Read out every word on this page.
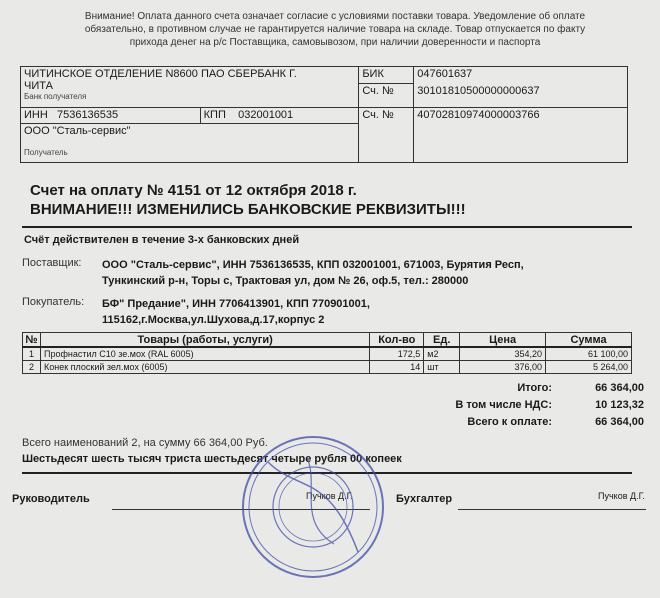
Внимание! Оплата данного счета означает согласие с условиями поставки товара. Уведомление об оплате
обязательно, в противном случае не гарантируется наличие товара на складе. Товар отпускается по факту
прихода денег на р/с Поставщика, самовывозом, при наличии доверенности и паспорта
ЧИТИНСКОЕ ОТДЕЛЕНИЕ N8600 ПАО СБЕРБАНК Г.
ЧИТА
Банк получателя		БИК	047601637
		Сч. №	30101810500000000637
ИНН 7536136535	КПП 032001001	Сч. №	40702810974000003766

ООО "Сталь-сервис"
Получатель			
Счет на оплату № 4151 от 12 октября 2018 г.
ВНИМАНИЕ!!! ИЗМЕНИЛИСЬ БАНКОВСКИЕ РЕКВИЗИТЫ!!!
Счёт действителен в течение 3-х банковских дней
Поставщик: ООО "Сталь-сервис", ИНН 7536136535, КПП 032001001, 671003, Бурятия Респ,
Тункинский р-н, Торы с, Трактовая ул, дом № 26, оф.5, тел.: 280000
Покупатель: БФ" Предание", ИНН 7706413901, КПП 770901001,
115162,г.Москва,ул.Шухова,д.17,корпус 2
№	Товары (работы, услуги)	Кол-во	Ед.	Цена	Сумма
1	Профнастил С10 зе.мох (RAL 6005)	172,5	м2	354,20	61 100,00
2	Конек плоский зел.мох (6005)	14	шт	376,00	5 264,00
Итого:	66 364,00
В том числе НДС:	10 123,32
Всего к оплате:	66 364,00
Всего наименований 2, на сумму 66 364,00 Руб.
Шестьдесят шесть тысяч триста шестьдесят четыре рубля 00 копеек
Руководитель	Пучков Д.Г.	Бухгалтер	Пучков Д.Г.
